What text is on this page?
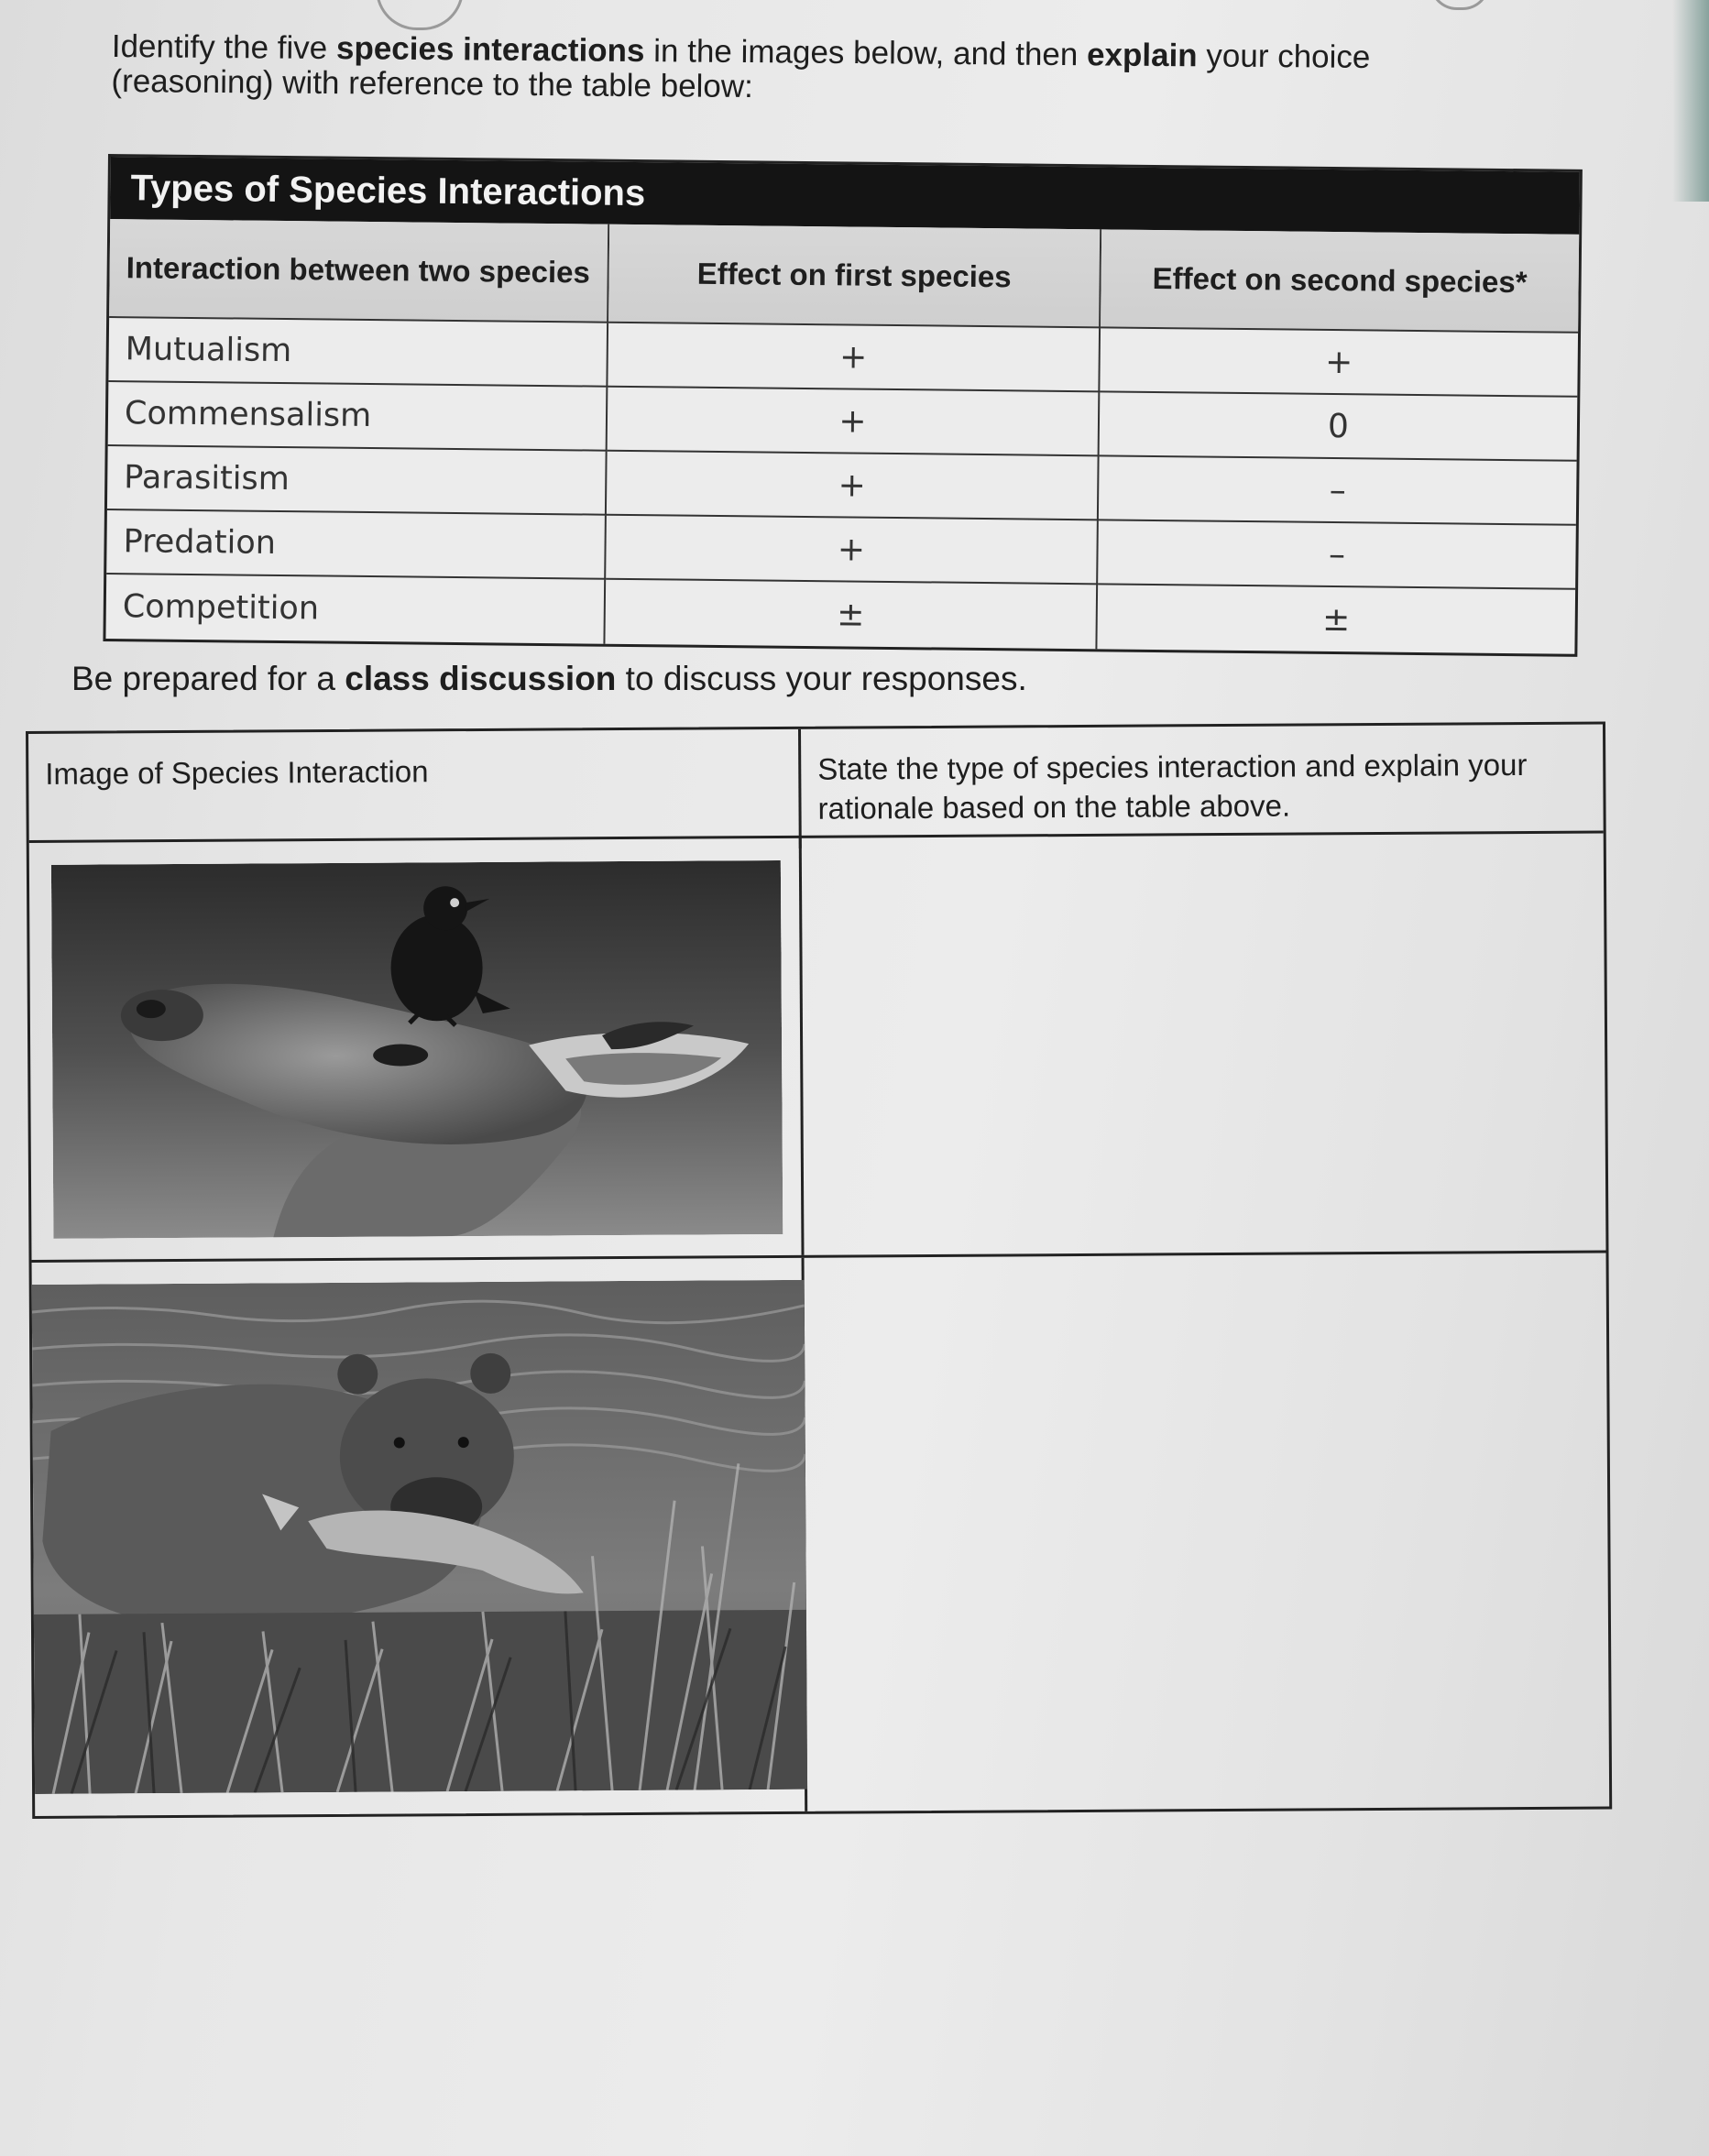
Identify the five species interactions in the images below, and then explain your choice (reasoning) with reference to the table below:
Types of Species Interactions
Interaction between two species	Effect on first species	Effect on second species*
Mutualism	+	+
Commensalism	+	0
Parasitism	+	–
Predation	+	–
Competition	±	±
Be prepared for a class discussion to discuss your responses.
Image of Species Interaction	State the type of species interaction and explain your rationale based on the table above.
